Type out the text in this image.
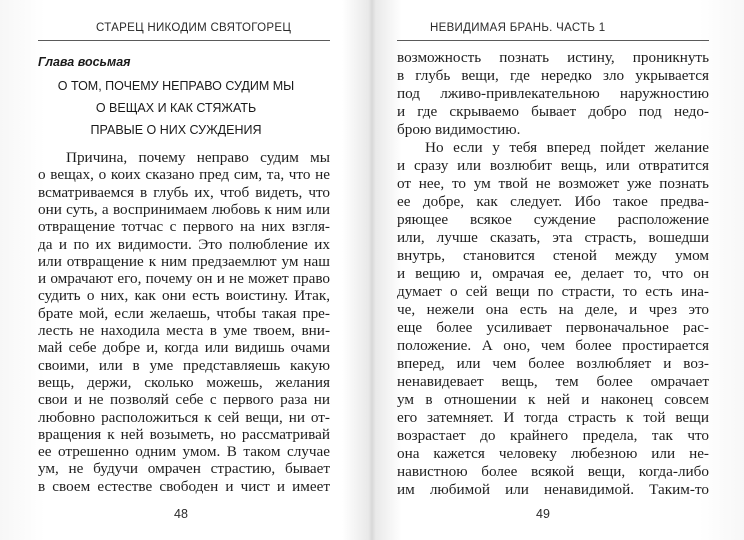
СТАРЕЦ НИКОДИМ СВЯТОГОРЕЦ
Глава восьмая
О ТОМ, ПОЧЕМУ НЕПРАВО СУДИМ МЫ
О ВЕЩАХ И КАК СТЯЖАТЬ
ПРАВЫЕ О НИХ СУЖДЕНИЯ
Причина, почему неправо судим мы
о вещах, о коих сказано пред сим, та, что не
всматриваемся в глубь их, чтоб видеть, что
они суть, а воспринимаем любовь к ним или
отвращение тотчас с первого на них взгля-
да и по их видимости. Это полюбление их
или отвращение к ним предзаемлют ум наш
и омрачают его, почему он и не может право
судить о них, как они есть воистину. Итак,
брате мой, если желаешь, чтобы такая пре-
лесть не находила места в уме твоем, вни-
май себе добре и, когда или видишь очами
своими, или в уме представляешь какую
вещь, держи, сколько можешь, желания
свои и не позволяй себе с первого раза ни
любовно расположиться к сей вещи, ни от-
вращения к ней возыметь, но рассматривай
ее отрешенно одним умом. В таком случае
ум, не будучи омрачен страстию, бывает
в своем естестве свободен и чист и имеет
48
НЕВИДИМАЯ БРАНЬ. ЧАСТЬ 1
возможность познать истину, проникнуть
в глубь вещи, где нередко зло укрывается
под лживо-привлекательною наружностию
и где скрываемо бывает добро под недо-
брою видимостию.
Но если у тебя вперед пойдет желание
и сразу или возлюбит вещь, или отвратится
от нее, то ум твой не возможет уже познать
ее добре, как следует. Ибо такое предва-
ряющее всякое суждение расположение
или, лучше сказать, эта страсть, вошедши
внутрь, становится стеной между умом
и вещию и, омрачая ее, делает то, что он
думает о сей вещи по страсти, то есть ина-
че, нежели она есть на деле, и чрез это
еще более усиливает первоначальное рас-
положение. А оно, чем более простирается
вперед, или чем более возлюбляет и воз-
ненавидевает вещь, тем более омрачает
ум в отношении к ней и наконец совсем
его затемняет. И тогда страсть к той вещи
возрастает до крайнего предела, так что
она кажется человеку любезною или не-
навистною более всякой вещи, когда-либо
им любимой или ненавидимой. Таким-то
49
